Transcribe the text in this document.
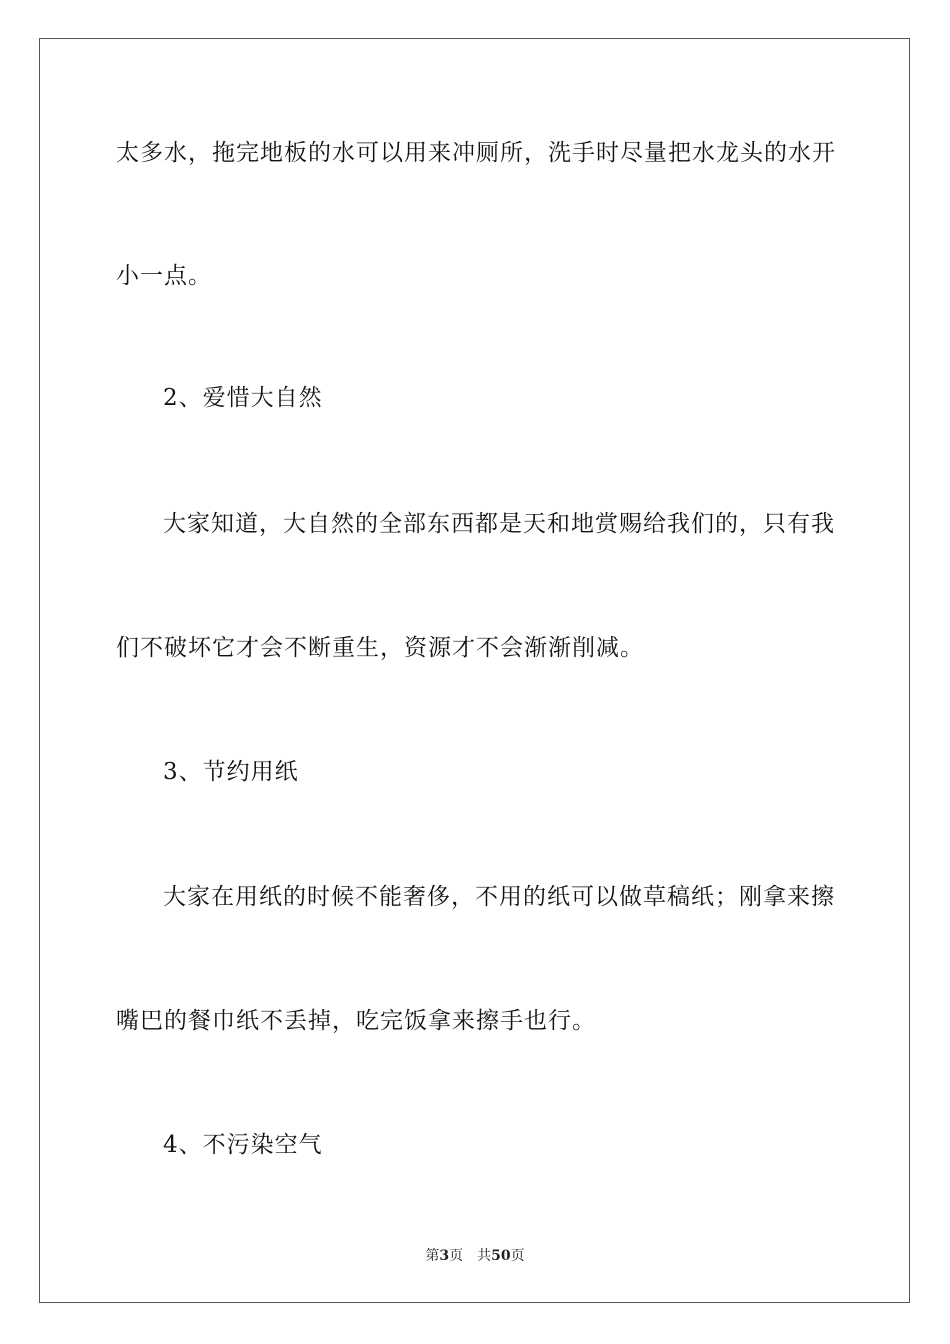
太多水，拖完地板的水可以用来冲厕所，洗手时尽量把水龙头的水开
小一点。
2、爱惜大自然
大家知道，大自然的全部东西都是天和地赏赐给我们的，只有我
们不破坏它才会不断重生，资源才不会渐渐削减。
3、节约用纸
大家在用纸的时候不能奢侈，不用的纸可以做草稿纸；刚拿来擦
嘴巴的餐巾纸不丢掉，吃完饭拿来擦手也行。
4、不污染空气
第3页 共50页
